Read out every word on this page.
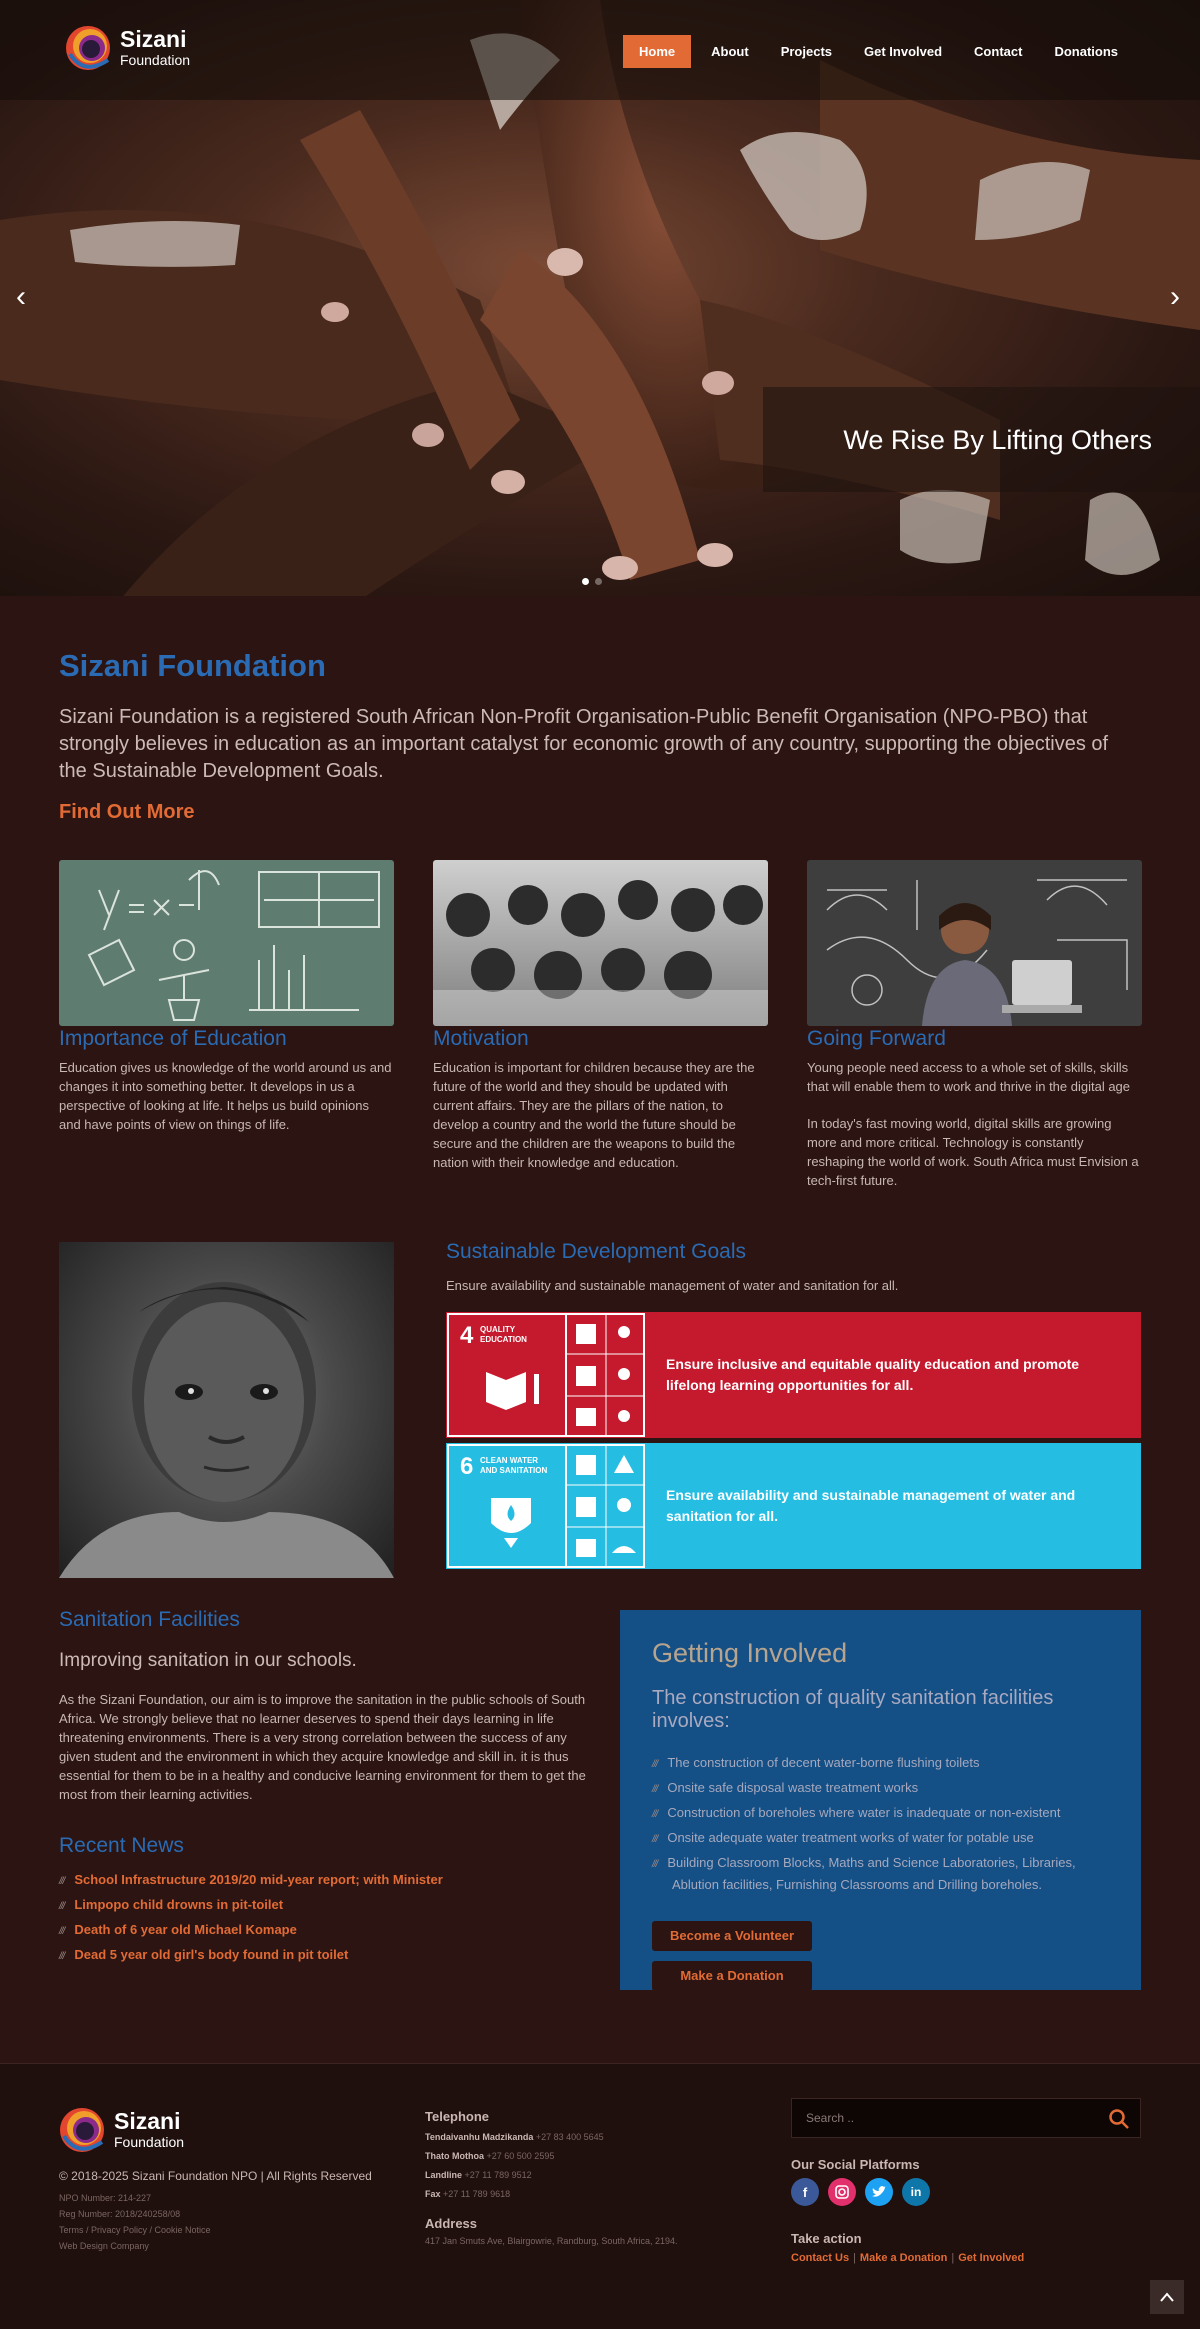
Sizani
Foundation
Home	About	Projects	Get Involved	Contact	Donations
‹	›
We Rise By Lifting Others
Sizani Foundation

Sizani Foundation is a registered South African Non-Profit Organisation-Public Benefit Organisation (NPO-PBO) that strongly believes in education as an important catalyst for economic growth of any country, supporting the objectives of the Sustainable Development Goals.

Find Out More
Importance of Education

Education gives us knowledge of the world around us and changes it into something better. It develops in us a perspective of looking at life. It helps us build opinions and have points of view on things of life.

Motivation

Education is important for children because they are the future of the world and they should be updated with current affairs. They are the pillars of the nation, to develop a country and the world the future should be secure and the children are the weapons to build the nation with their knowledge and education.

Going Forward

Young people need access to a whole set of skills, skills that will enable them to work and thrive in the digital age

In today's fast moving world, digital skills are growing more and more critical. Technology is constantly reshaping the world of work. South Africa must Envision a tech-first future.

Sustainable Development Goals
Ensure availability and sustainable management of water and sanitation for all.
4 QUALITY
EDUCATION
Ensure inclusive and equitable quality education and promote lifelong learning opportunities for all.
6 CLEAN WATER
AND SANITATION
Ensure availability and sustainable management of water and sanitation for all.
Sanitation Facilities
Improving sanitation in our schools.

As the Sizani Foundation, our aim is to improve the sanitation in the public schools of South Africa. We strongly believe that no learner deserves to spend their days learning in life threatening environments. There is a very strong correlation between the success of any given student and the environment in which they acquire knowledge and skill in. it is thus essential for them to be in a healthy and conducive learning environment for them to get the most from their learning activities.

Recent News
/// School Infrastructure 2019/20 mid-year report; with Minister
/// Limpopo child drowns in pit-toilet
/// Death of 6 year old Michael Komape
/// Dead 5 year old girl's body found in pit toilet
Getting Involved
The construction of quality sanitation facilities involves:
/// The construction of decent water-borne flushing toilets
/// Onsite safe disposal waste treatment works
/// Construction of boreholes where water is inadequate or non-existent
/// Onsite adequate water treatment works of water for potable use
/// Building Classroom Blocks, Maths and Science Laboratories, Libraries, Ablution facilities, Furnishing Classrooms and Drilling boreholes.
Become a Volunteer
Make a Donation
Sizani
Foundation
© 2018-2025 Sizani Foundation NPO | All Rights Reserved
NPO Number: 214-227
Reg Number: 2018/240258/08
Terms / Privacy Policy / Cookie Notice
Web Design Company
Telephone
Tendaivanhu Madzikanda +27 83 400 5645
Thato Mothoa +27 60 500 2595
Landline +27 11 789 9512
Fax +27 11 789 9618
Address
417 Jan Smuts Ave, Blairgowrie, Randburg, South Africa, 2194.
Search ..
Our Social Platforms
f	in
Take action
Contact Us | Make a Donation | Get Involved
